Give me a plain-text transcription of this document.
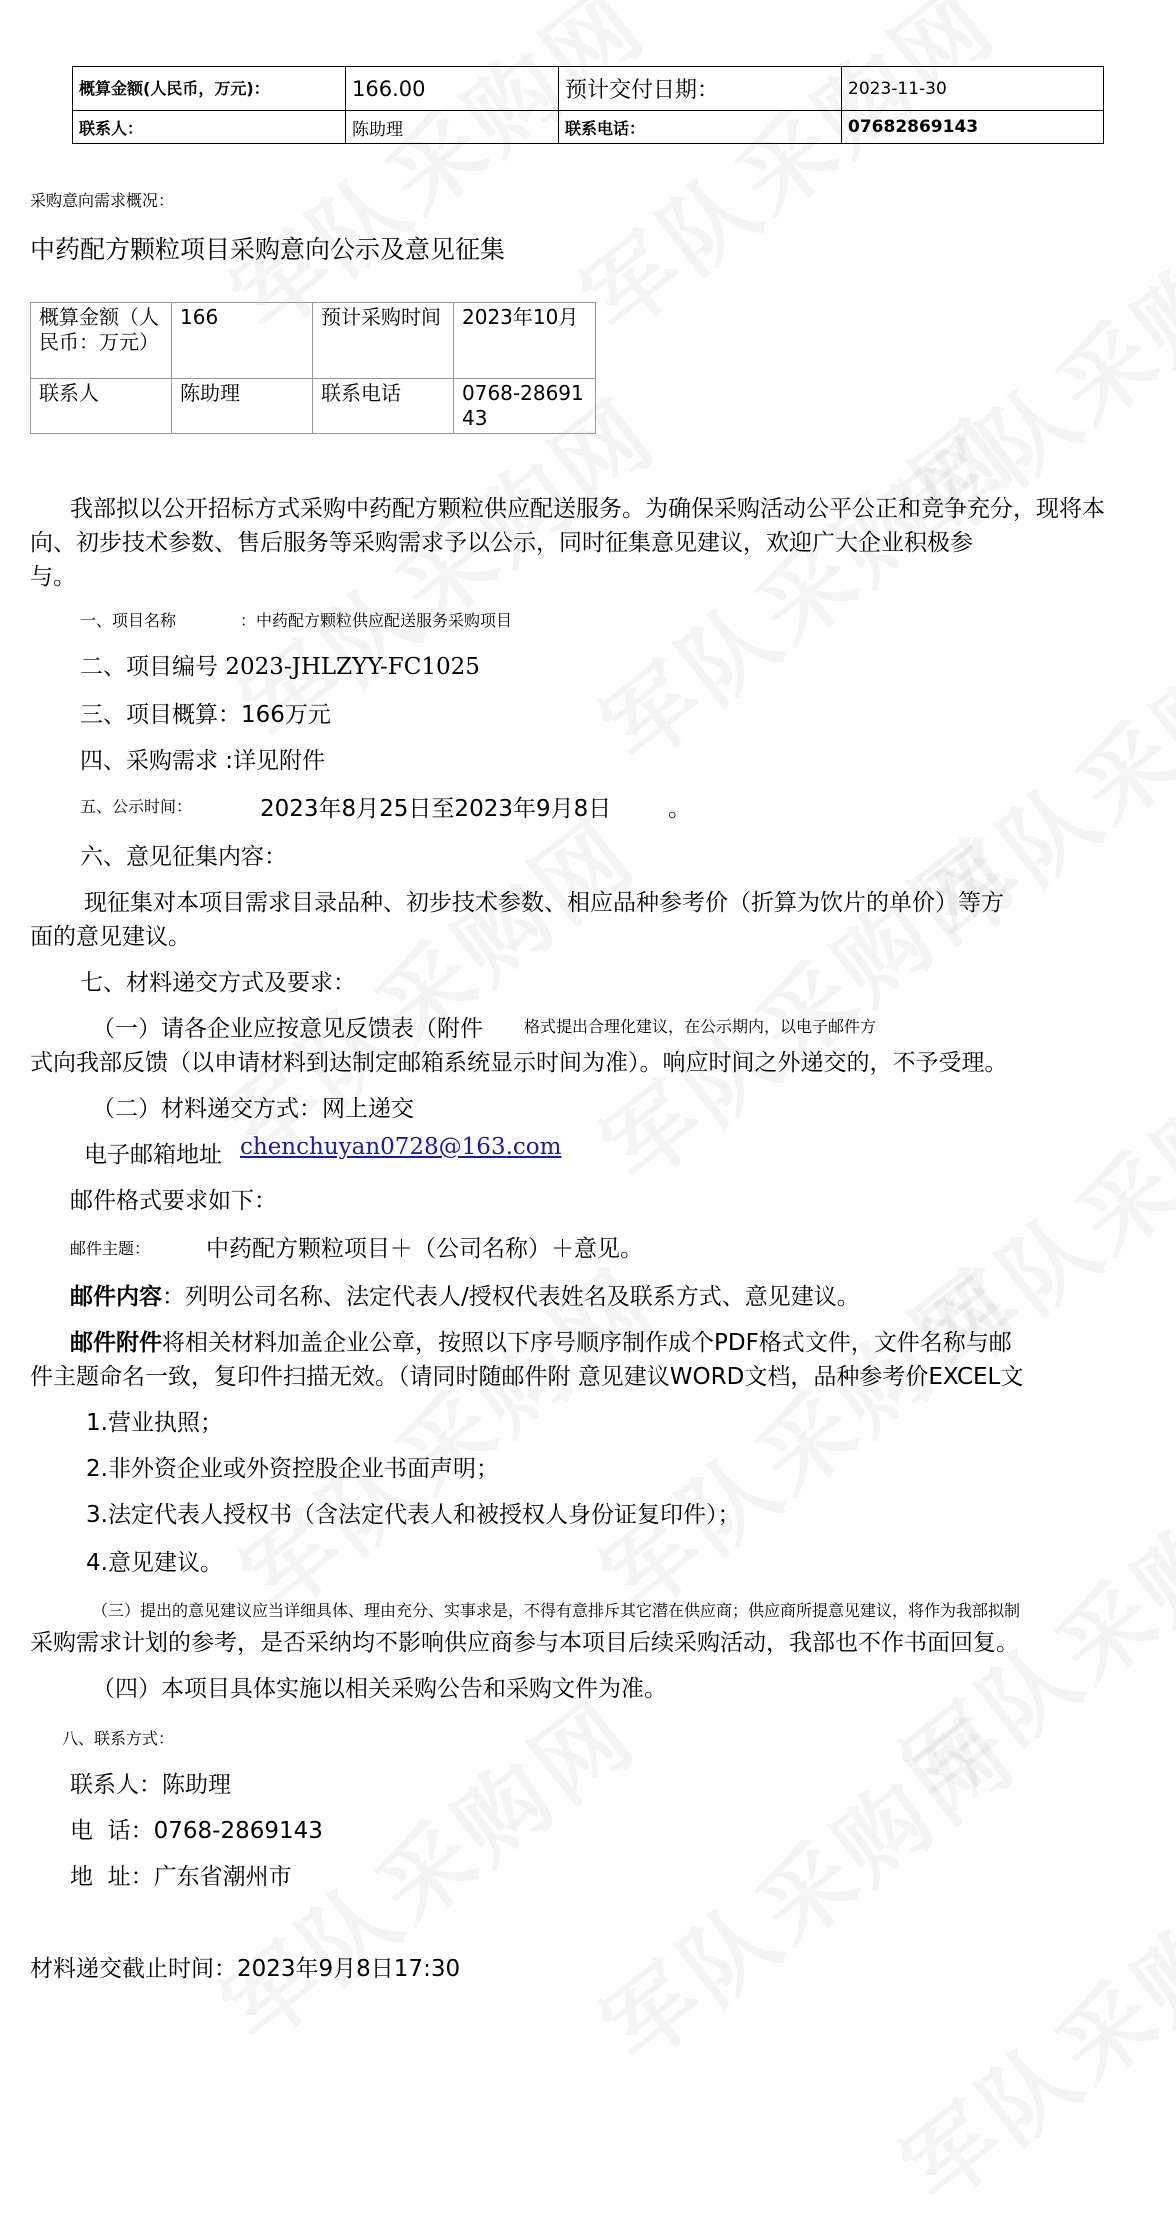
概算金额(人民币，万元)：	166.00	预计交付日期：	2023-11-30
联系人：	陈助理	联系电话：	07682869143
采购意向需求概况：
中药配方颗粒项目采购意向公示及意见征集
概算金额（人民币：万元）	166	预计采购时间	2023年10月
联系人	陈助理	联系电话	0768-2869143
我部拟以公开招标方式采购中药配方颗粒供应配送服务。为确保采购活动公平公正和竞争充分，现将本
向、初步技术参数、售后服务等采购需求予以公示，同时征集意见建议，欢迎广大企业积极参
与。
一、项目名称	：中药配方颗粒供应配送服务采购项目
二、项目编号 2023-JHLZYY-FC1025
三、项目概算：166万元
四、采购需求 :详见附件
五、公示时间：	2023年8月25日至2023年9月8日 。
六、意见征集内容：
现征集对本项目需求目录品种、初步技术参数、相应品种参考价（折算为饮片的单价）等方
面的意见建议。
七、材料递交方式及要求：
（一）请各企业应按意见反馈表（附件	格式提出合理化建议，在公示期内，以电子邮件方
式向我部反馈（以申请材料到达制定邮箱系统显示时间为准）。响应时间之外递交的，不予受理。
（二）材料递交方式：网上递交
电子邮箱地址 chenchuyan0728@163.com
邮件格式要求如下：
邮件主题： 中药配方颗粒项目＋（公司名称）＋意见。
邮件内容：列明公司名称、法定代表人/授权代表姓名及联系方式、意见建议。
邮件附件将相关材料加盖企业公章，按照以下序号顺序制作成个PDF格式文件，文件名称与邮
件主题命名一致，复印件扫描无效。（请同时随邮件附 意见建议WORD文档，品种参考价EXCEL文
1.营业执照；
2.非外资企业或外资控股企业书面声明；
3.法定代表人授权书（含法定代表人和被授权人身份证复印件）；
4.意见建议。
（三）提出的意见建议应当详细具体、理由充分、实事求是，不得有意排斥其它潜在供应商；供应商所提意见建议，将作为我部拟制
采购需求计划的参考，是否采纳均不影响供应商参与本项目后续采购活动，我部也不作书面回复。
（四）本项目具体实施以相关采购公告和采购文件为准。
八、联系方式：
联系人：陈助理
电  话：0768-2869143
地  址：广东省潮州市
材料递交截止时间：2023年9月8日17:30
